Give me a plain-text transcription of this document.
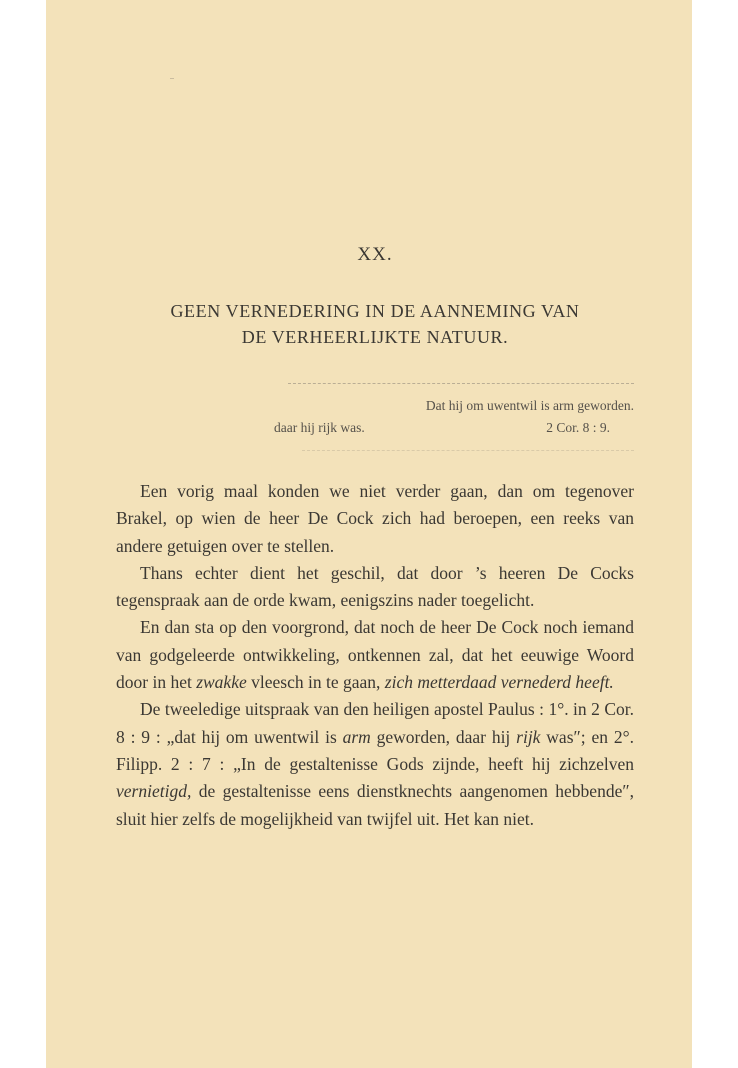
XX.
GEEN VERNEDERING IN DE AANNEMING VAN
DE VERHEERLIJKTE NATUUR.
Dat hij om uwentwil is arm geworden.
daar hij rijk was.	2 Cor. 8 : 9.

Een vorig maal konden we niet verder gaan, dan om tegenover Brakel, op wien de heer De Cock zich had beroepen, een reeks van andere getuigen over te stellen.

Thans echter dient het geschil, dat door ’s heeren De Cocks tegenspraak aan de orde kwam, eenigszins nader toegelicht.

En dan sta op den voorgrond, dat noch de heer De Cock noch iemand van godgeleerde ontwikkeling, ontkennen zal, dat het eeuwige Woord door in het zwakke vleesch in te gaan, zich metterdaad vernederd heeft.

De tweeledige uitspraak van den heiligen apostel Paulus : 1°. in 2 Cor. 8 : 9 : „dat hij om uwentwil is arm geworden, daar hij rijk was″; en 2°. Filipp. 2 : 7 : „In de gestaltenisse Gods zijnde, heeft hij zichzelven vernietigd, de gestaltenisse eens dienstknechts aangenomen hebbende″, sluit hier zelfs de mogelijkheid van twijfel uit. Het kan niet.
